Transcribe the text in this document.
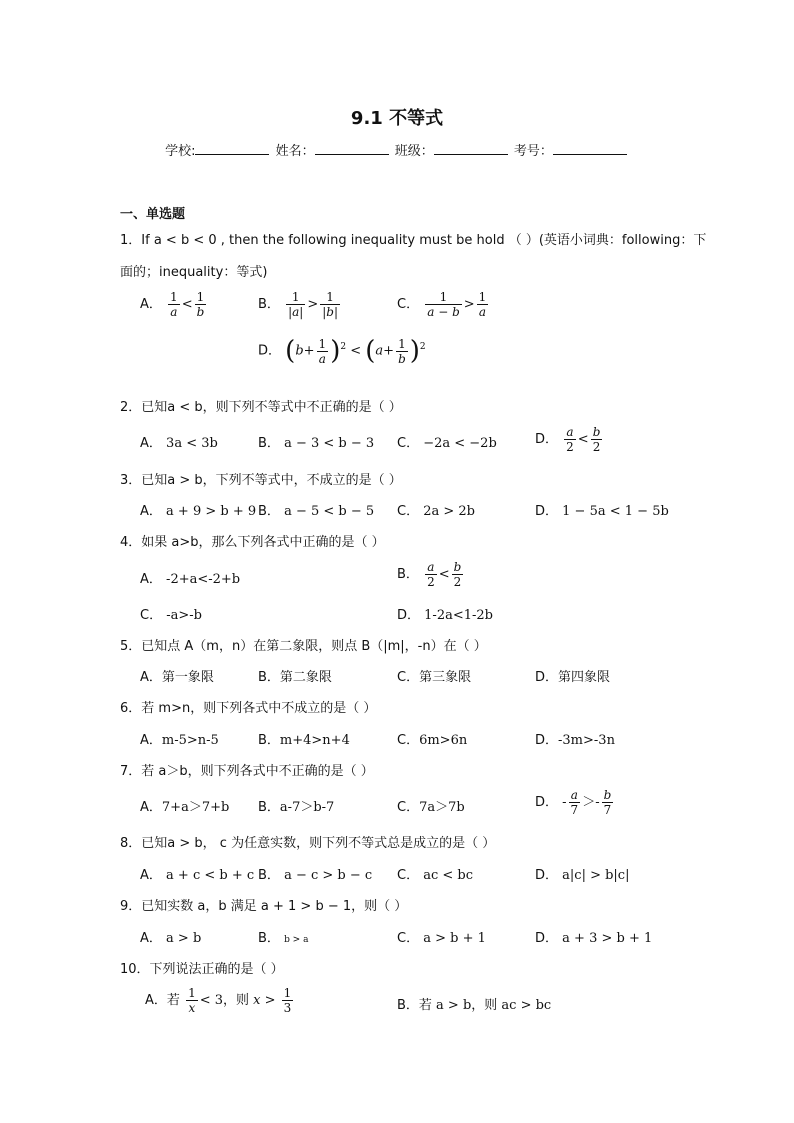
9.1 不等式
学校:	姓名：	班级：	考号：
一、单选题
1．If a < b < 0 , then the following inequality must be hold （ ）(英语小词典：following：下
面的；inequality：等式)
A． $\frac{1}{a} < \frac{1}{b}$	B． $\frac{1}{|a|} > \frac{1}{|b|}$	C． $\frac{1}{a - b} > \frac{1}{a}$
D． $(b+ \frac{1}{a} )^2 < (a+ \frac{1}{b} )^2$
2．已知a < b，则下列不等式中不正确的是（ ）
A． 3a < 3b	B． a − 3 < b − 3 C． −2a < −2b	D． $\frac{a}{2} < \frac{b}{2}$
3．已知a > b，下列不等式中，不成立的是（ ）
A． a + 9 > b + 9 B． a − 5 < b − 5 C． 2a > 2b	D． 1 − 5a < 1 − 5b
4．如果 a>b，那么下列各式中正确的是（ ）
A． -2+a<-2+b	B． $\frac{a}{2} < \frac{b}{2}$
C． -a>-b	D． 1-2a<1-2b
5．已知点 A（m，n）在第二象限，则点 B（|m|，-n）在（ ）
A．第一象限	B．第二象限	C．第三象限	D．第四象限
6．若 m>n，则下列各式中不成立的是（ ）
A．m-5>n-5	B．m+4>n+4	C．6m>6n	D．-3m>-3n
7．若 a＞b，则下列各式中不正确的是（ ）
A．7+a＞7+b B．a-7＞b-7	C．7a＞7b	D． - $\frac{a}{7} >- \frac{b}{7}$
8．已知a > b， c 为任意实数，则下列不等式总是成立的是（ ）
A． a + c < b + c B． a − c > b − c C． ac < bc	D． a|c| > b|c|
9．已知实数 a，b 满足 a + 1 > b − 1，则（ ）
A． a > b	B． b > a	C． a > b + 1	D． a + 3 > b + 1
10．下列说法正确的是（ ）
A．若 $\frac{1}{x} < 3$，则 $x > \frac{1}{3}$	B．若 a > b，则 ac > bc
